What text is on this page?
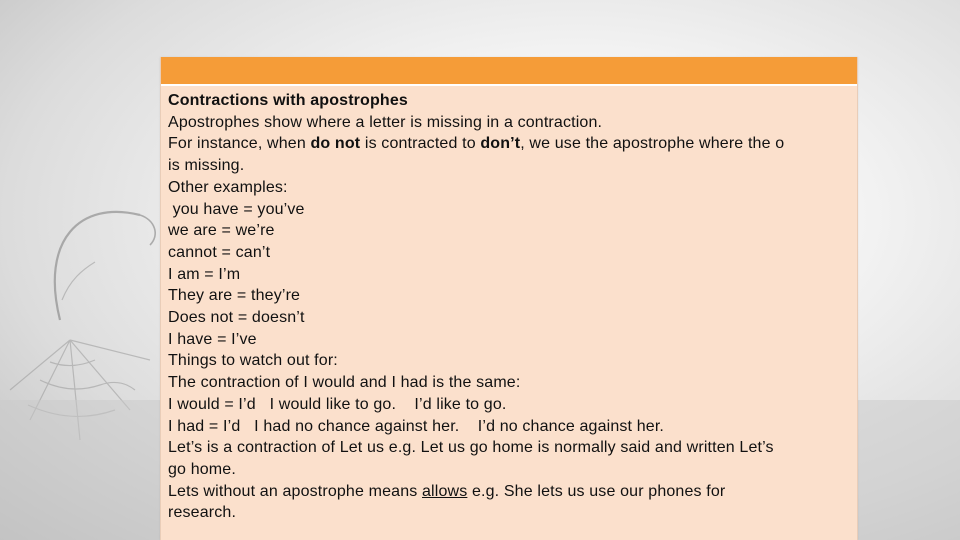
Contractions with apostrophes
Apostrophes show where a letter is missing in a contraction.
For instance, when do not is contracted to don’t, we use the apostrophe where the o
is missing.
Other examples:
you have = you’ve
we are = we’re
cannot = can’t
I am = I’m
They are = they’re
Does not = doesn’t
I have = I’ve
Things to watch out for:
The contraction of I would and I had is the same:
I would = I’d   I would like to go.    I’d like to go.
I had = I’d   I had no chance against her.    I’d no chance against her.
Let’s is a contraction of Let us e.g. Let us go home is normally said and written Let’s
go home.
Lets without an apostrophe means allows e.g. She lets us use our phones for
research.
